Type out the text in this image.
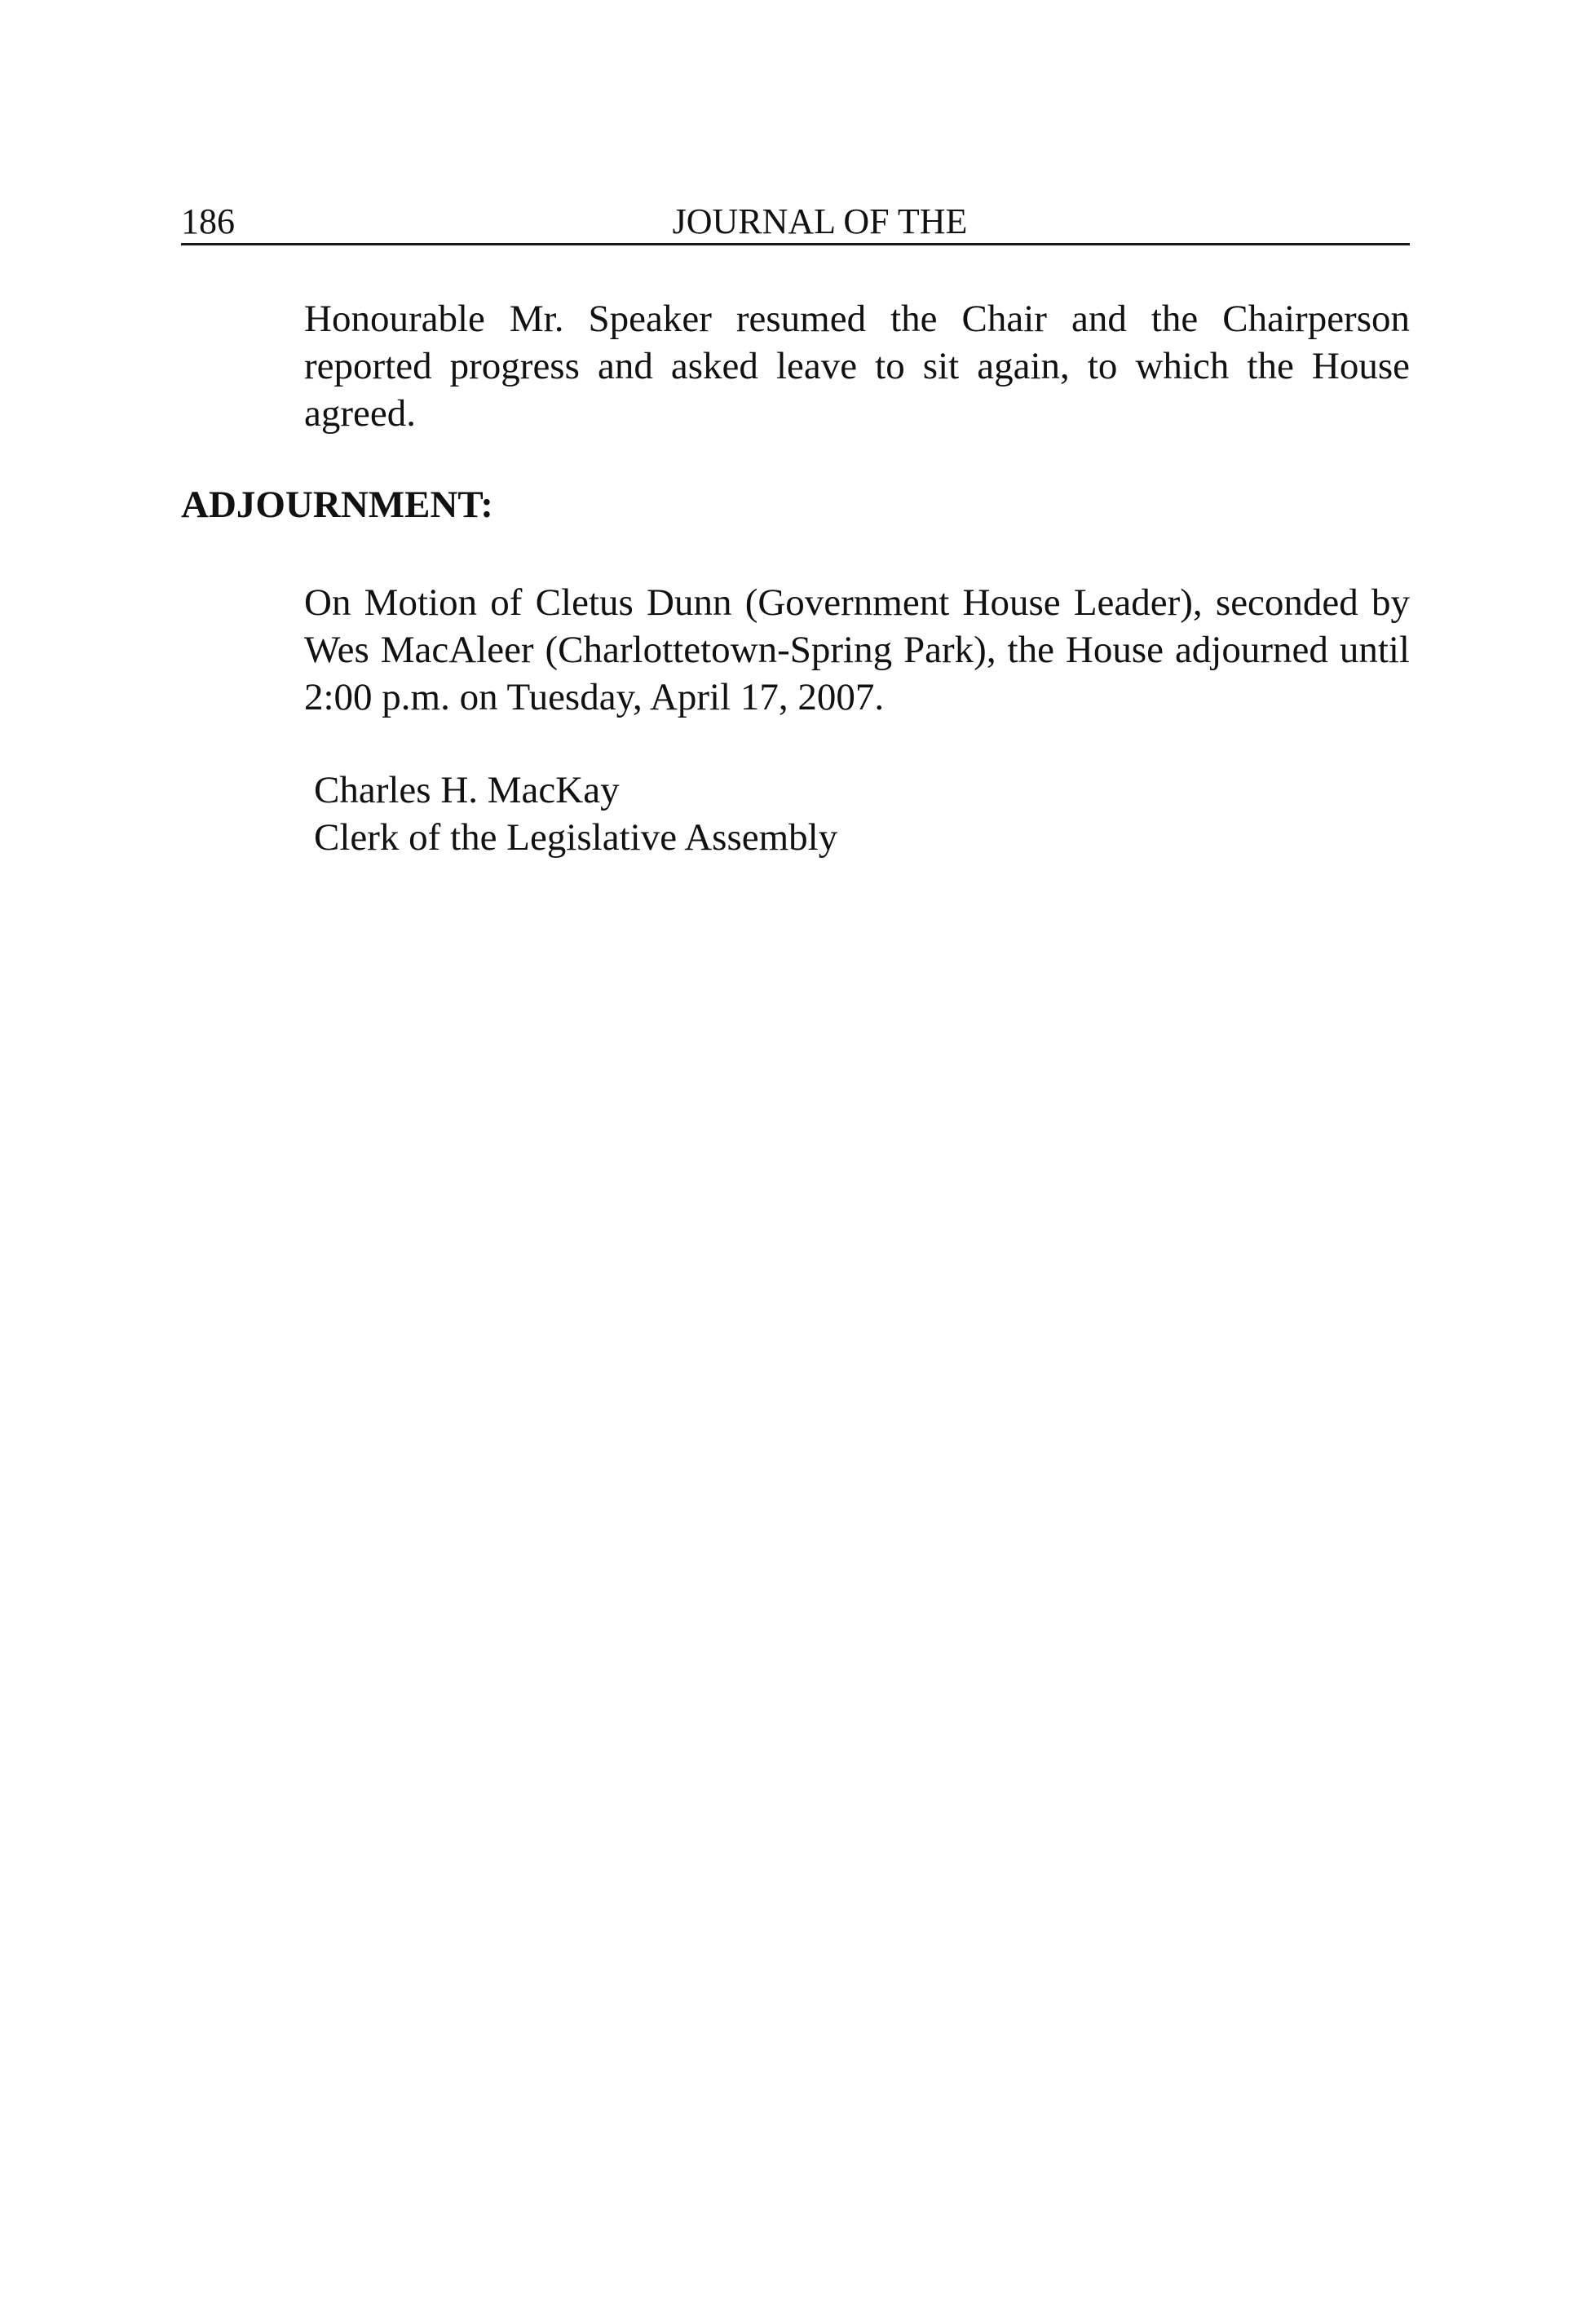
186	JOURNAL OF THE

Honourable Mr. Speaker resumed the Chair and the Chairperson reported progress and asked leave to sit again, to which the House agreed.

ADJOURNMENT:

On Motion of Cletus Dunn (Government House Leader), seconded by Wes MacAleer (Charlottetown-Spring Park), the House adjourned until 2:00 p.m. on Tuesday, April 17, 2007.

Charles H. MacKay
Clerk of the Legislative Assembly
